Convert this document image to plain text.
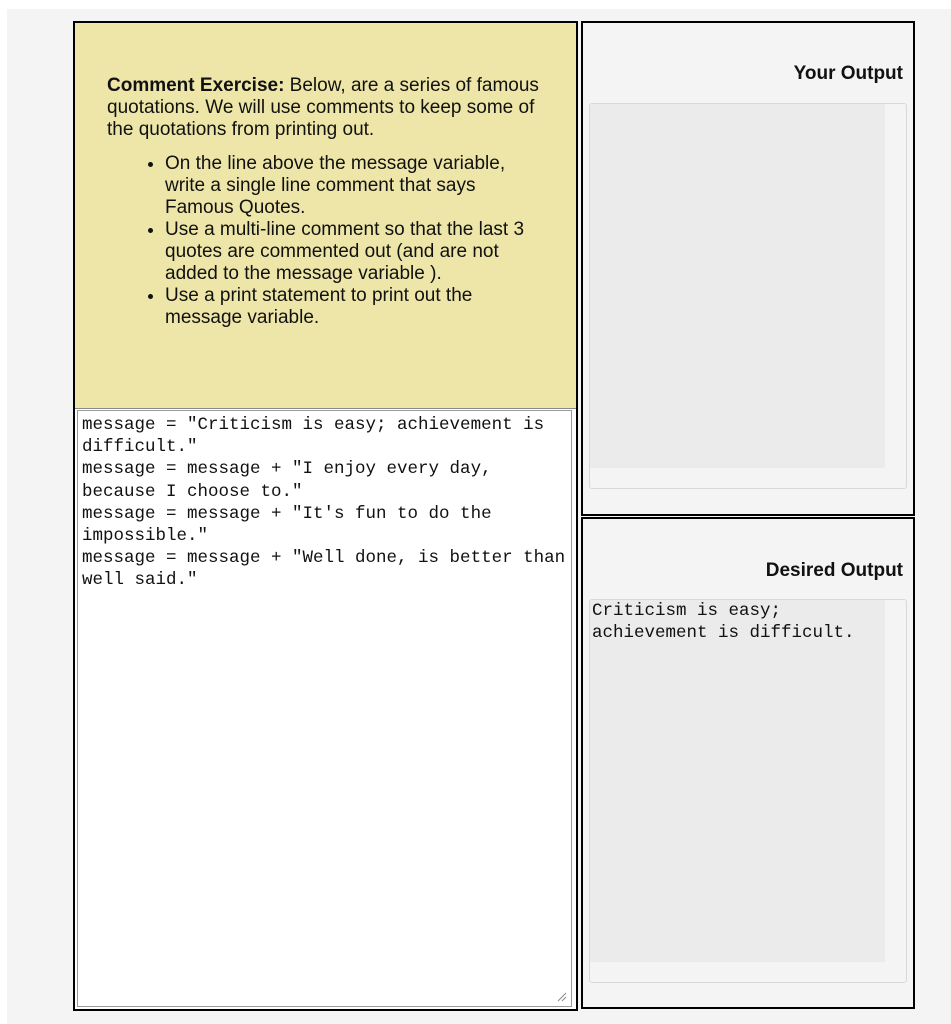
Comment Exercise: Below, are a series of famous quotations. We will use comments to keep some of the quotations from printing out.
• On the line above the message variable, write a single line comment that says Famous Quotes.
• Use a multi-line comment so that the last 3 quotes are commented out (and are not added to the message variable ).
• Use a print statement to print out the message variable.
message = "Criticism is easy; achievement is difficult."
message = message + "I enjoy every day, because I choose to."
message = message + "It's fun to do the impossible."
message = message + "Well done, is better than well said."
Your Output
Desired Output
Criticism is easy;
achievement is difficult.
